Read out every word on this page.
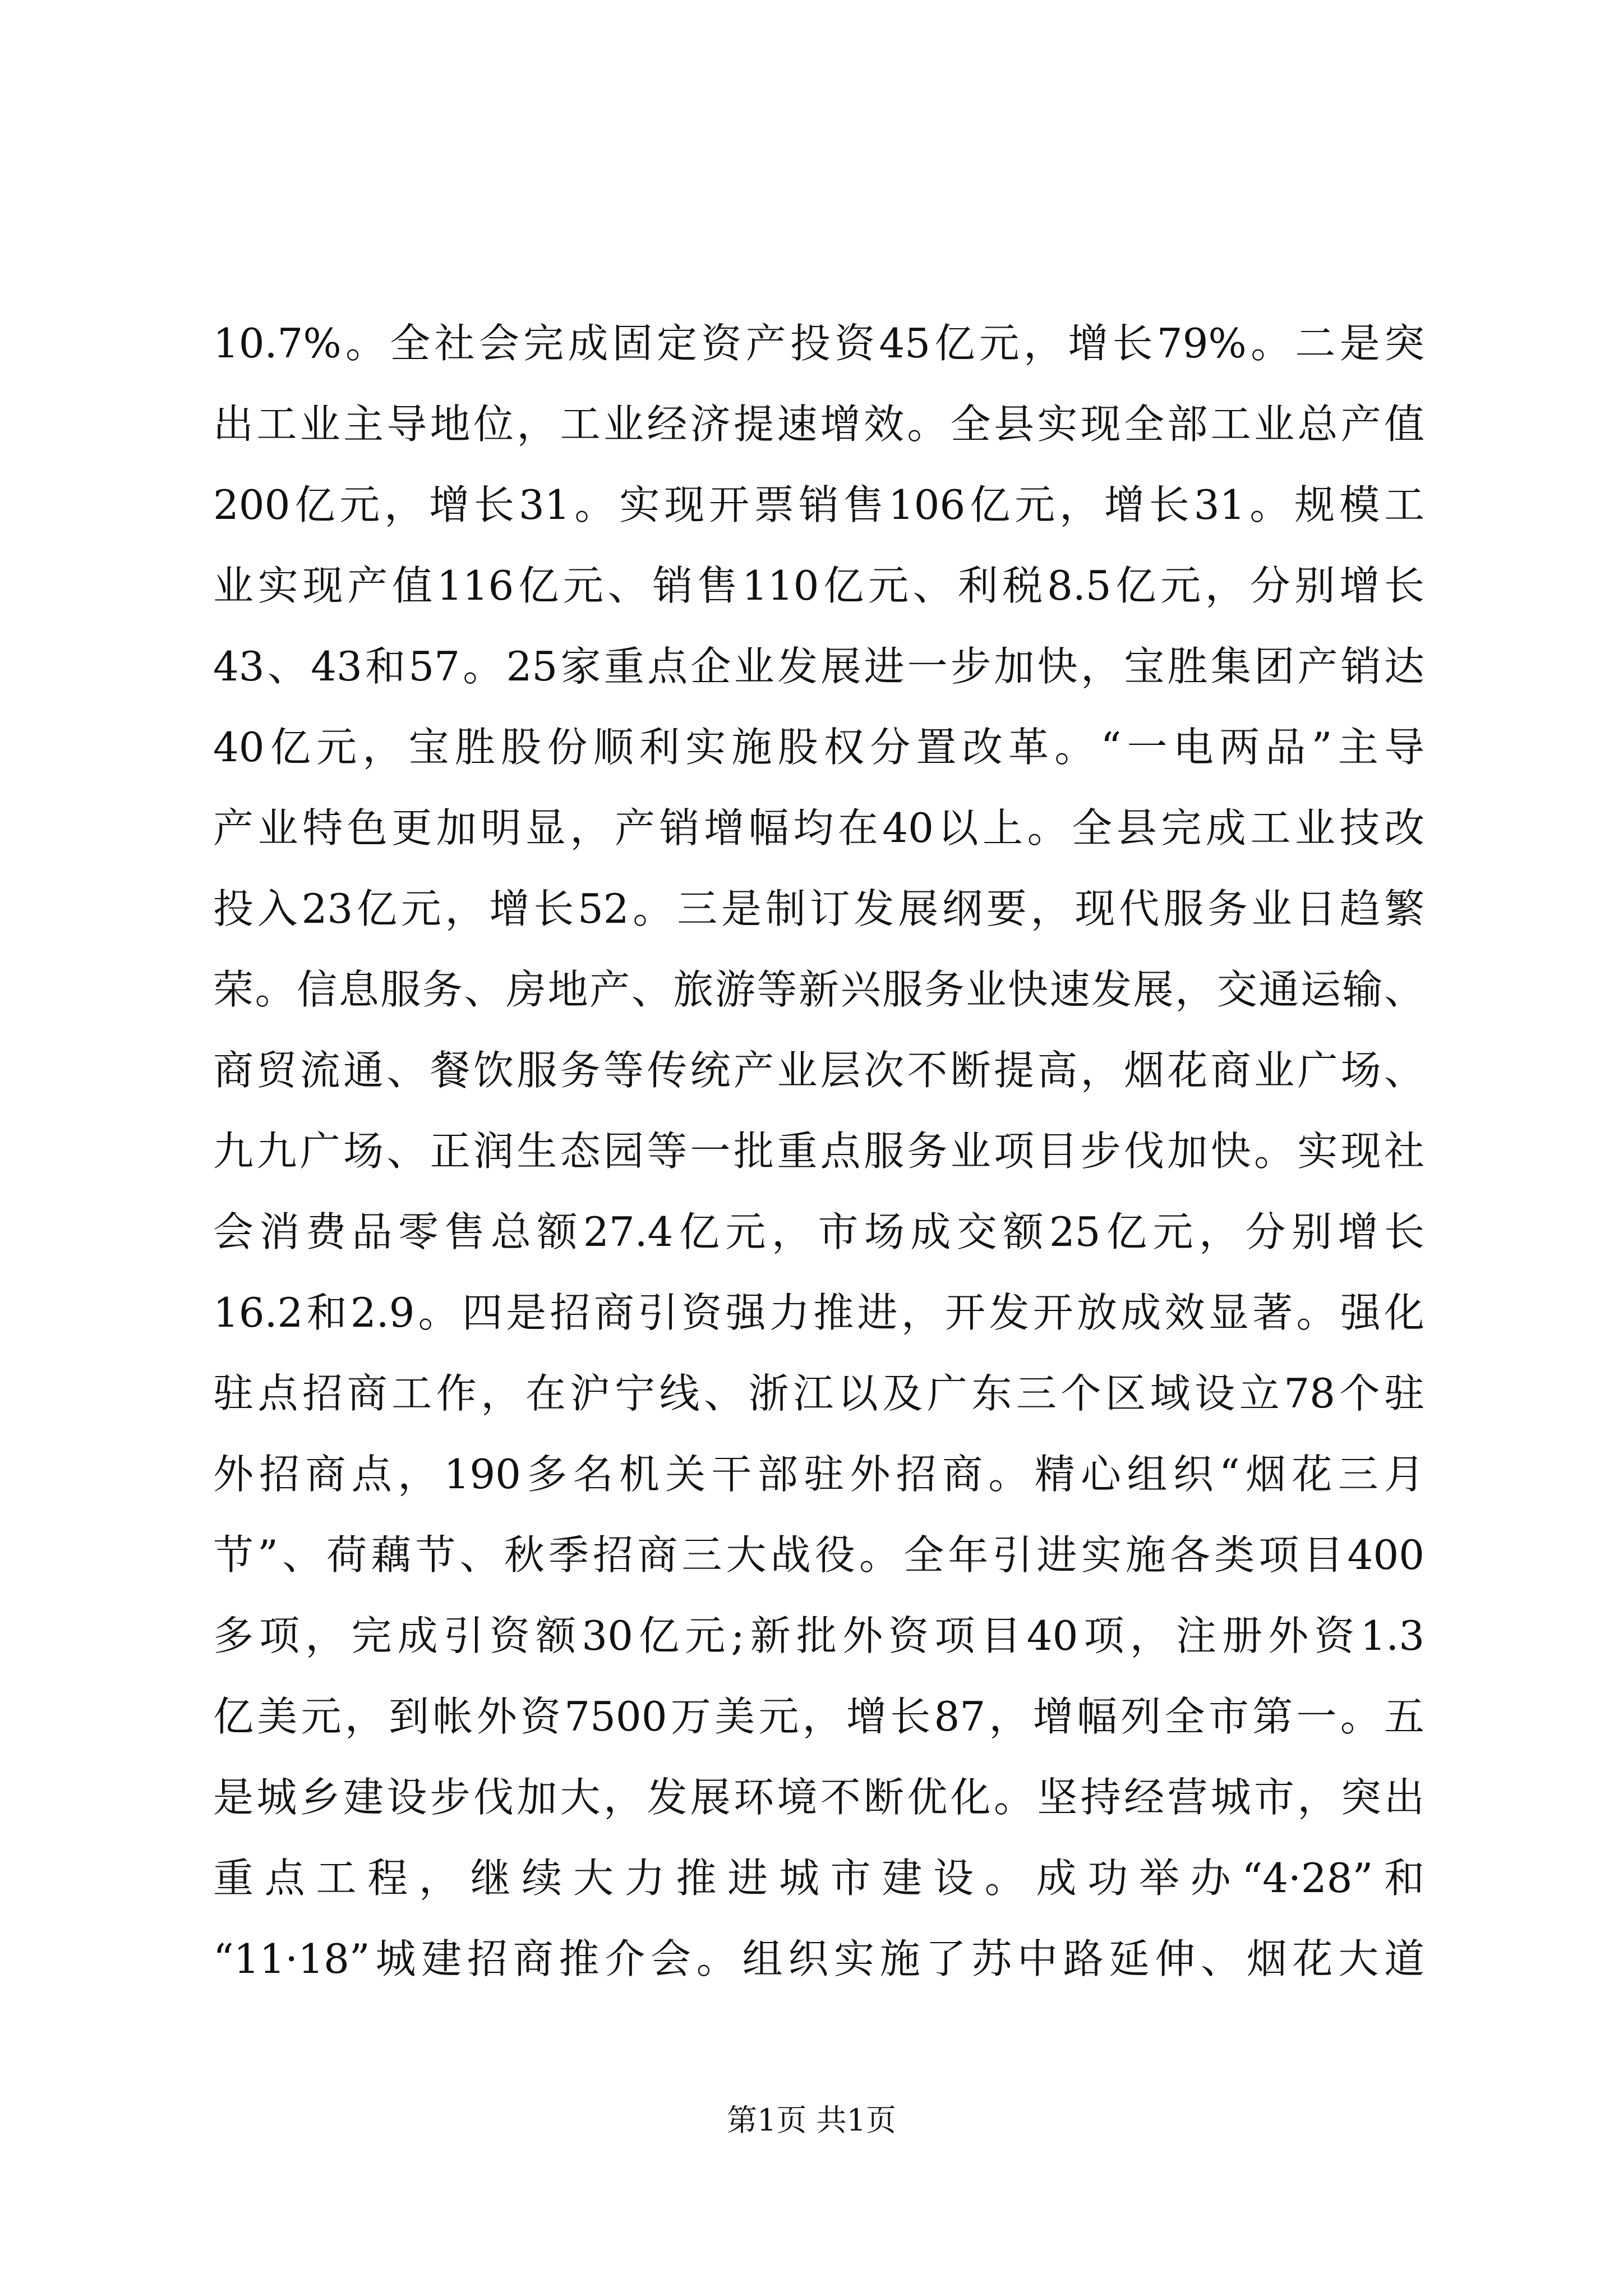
10.7%。全社会完成固定资产投资45亿元，增长79%。二是突
出工业主导地位，工业经济提速增效。全县实现全部工业总产值
200亿元，增长31。实现开票销售106亿元，增长31。规模工
业实现产值116亿元、销售110亿元、利税8.5亿元，分别增长
43、43和57。25家重点企业发展进一步加快，宝胜集团产销达
40亿元，宝胜股份顺利实施股权分置改革。“一电两品”主导
产业特色更加明显，产销增幅均在40以上。全县完成工业技改
投入23亿元，增长52。三是制订发展纲要，现代服务业日趋繁
荣。信息服务、房地产、旅游等新兴服务业快速发展，交通运输、
商贸流通、餐饮服务等传统产业层次不断提高，烟花商业广场、
九九广场、正润生态园等一批重点服务业项目步伐加快。实现社
会消费品零售总额27.4亿元，市场成交额25亿元，分别增长
16.2和2.9。四是招商引资强力推进，开发开放成效显著。强化
驻点招商工作，在沪宁线、浙江以及广东三个区域设立78个驻
外招商点，190多名机关干部驻外招商。精心组织“烟花三月
节”、荷藕节、秋季招商三大战役。全年引进实施各类项目400
多项，完成引资额30亿元;新批外资项目40项，注册外资1.3
亿美元，到帐外资7500万美元，增长87，增幅列全市第一。五
是城乡建设步伐加大，发展环境不断优化。坚持经营城市，突出
重点工程，继续大力推进城市建设。成功举办“4·28”和
“11·18”城建招商推介会。组织实施了苏中路延伸、烟花大道
第1页 共1页
